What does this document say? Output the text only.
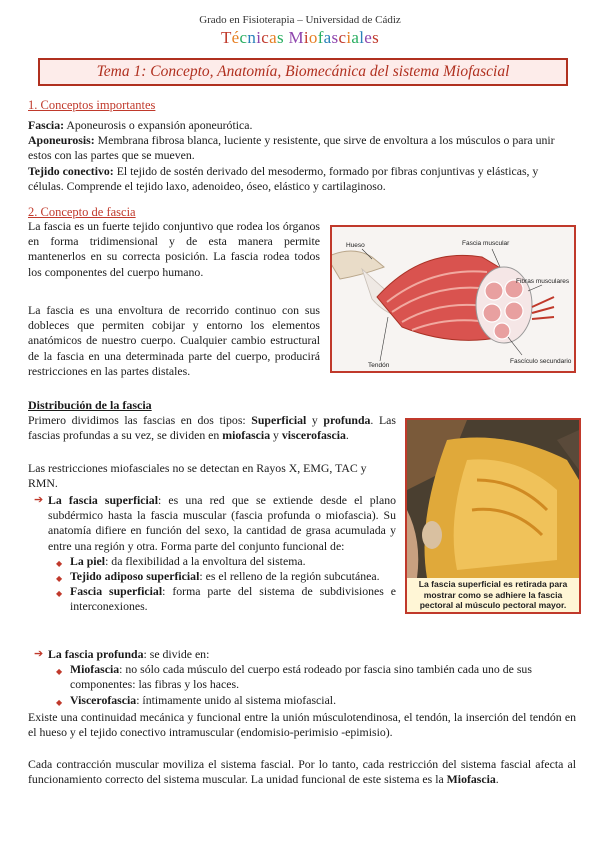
Grado en Fisioterapia – Universidad de Cádiz
Técnicas Miofasciales
Tema 1: Concepto, Anatomía, Biomecánica del sistema Miofascial
1. Conceptos importantes
Fascia: Aponeurosis o expansión aponeurótica.
Aponeurosis: Membrana fibrosa blanca, luciente y resistente, que sirve de envoltura a los músculos o para unir estos con las partes que se mueven.
Tejido conectivo: El tejido de sostén derivado del mesodermo, formado por fibras conjuntivas y elásticas, y células. Comprende el tejido laxo, adenoideo, óseo, elástico y cartilaginoso.
2. Concepto de fascia
La fascia es un fuerte tejido conjuntivo que rodea los órganos en forma tridimensional y de esta manera permite mantenerlos en su correcta posición. La fascia rodea todos los componentes del cuerpo humano.
La fascia es una envoltura de recorrido continuo con sus dobleces que permiten cobijar y entorno los elementos anatómicos de nuestro cuerpo. Cualquier cambio estructural de la fascia en una determinada parte del cuerpo, producirá restricciones en las partes distales.
Hueso	Fascia muscular
Fibras musculares
Fascículo secundario
Tendón
Distribución de la fascia
Primero dividimos las fascias en dos tipos: Superficial y profunda. Las fascias profundas a su vez, se dividen en miofascia y viscerofascia.
Las restricciones miofasciales no se detectan en Rayos X, EMG, TAC y RMN.
➔ La fascia superficial: es una red que se extiende desde el plano subdérmico hasta la fascia muscular (fascia profunda o miofascia). Su anatomía difiere en función del sexo, la cantidad de grasa acumulada y entre una región y otra. Forma parte del conjunto funcional de:
◆ La piel: da flexibilidad a la envoltura del sistema.
◆ Tejido adiposo superficial: es el relleno de la región subcutánea.
◆ Fascia superficial: forma parte del sistema de subdivisiones e interconexiones.
La fascia superficial es retirada para mostrar como se adhiere la fascia pectoral al músculo pectoral mayor.
➔ La fascia profunda: se divide en:
◆ Miofascia: no sólo cada músculo del cuerpo está rodeado por fascia sino también cada uno de sus componentes: las fibras y los haces.
◆ Viscerofascia: íntimamente unido al sistema miofascial.
Existe una continuidad mecánica y funcional entre la unión músculotendinosa, el tendón, la inserción del tendón en el hueso y el tejido conectivo intramuscular (endomisio-perimisio -epimisio).
Cada contracción muscular moviliza el sistema fascial. Por lo tanto, cada restricción del sistema fascial afecta al funcionamiento correcto del sistema muscular. La unidad funcional de este sistema es la Miofascia.
